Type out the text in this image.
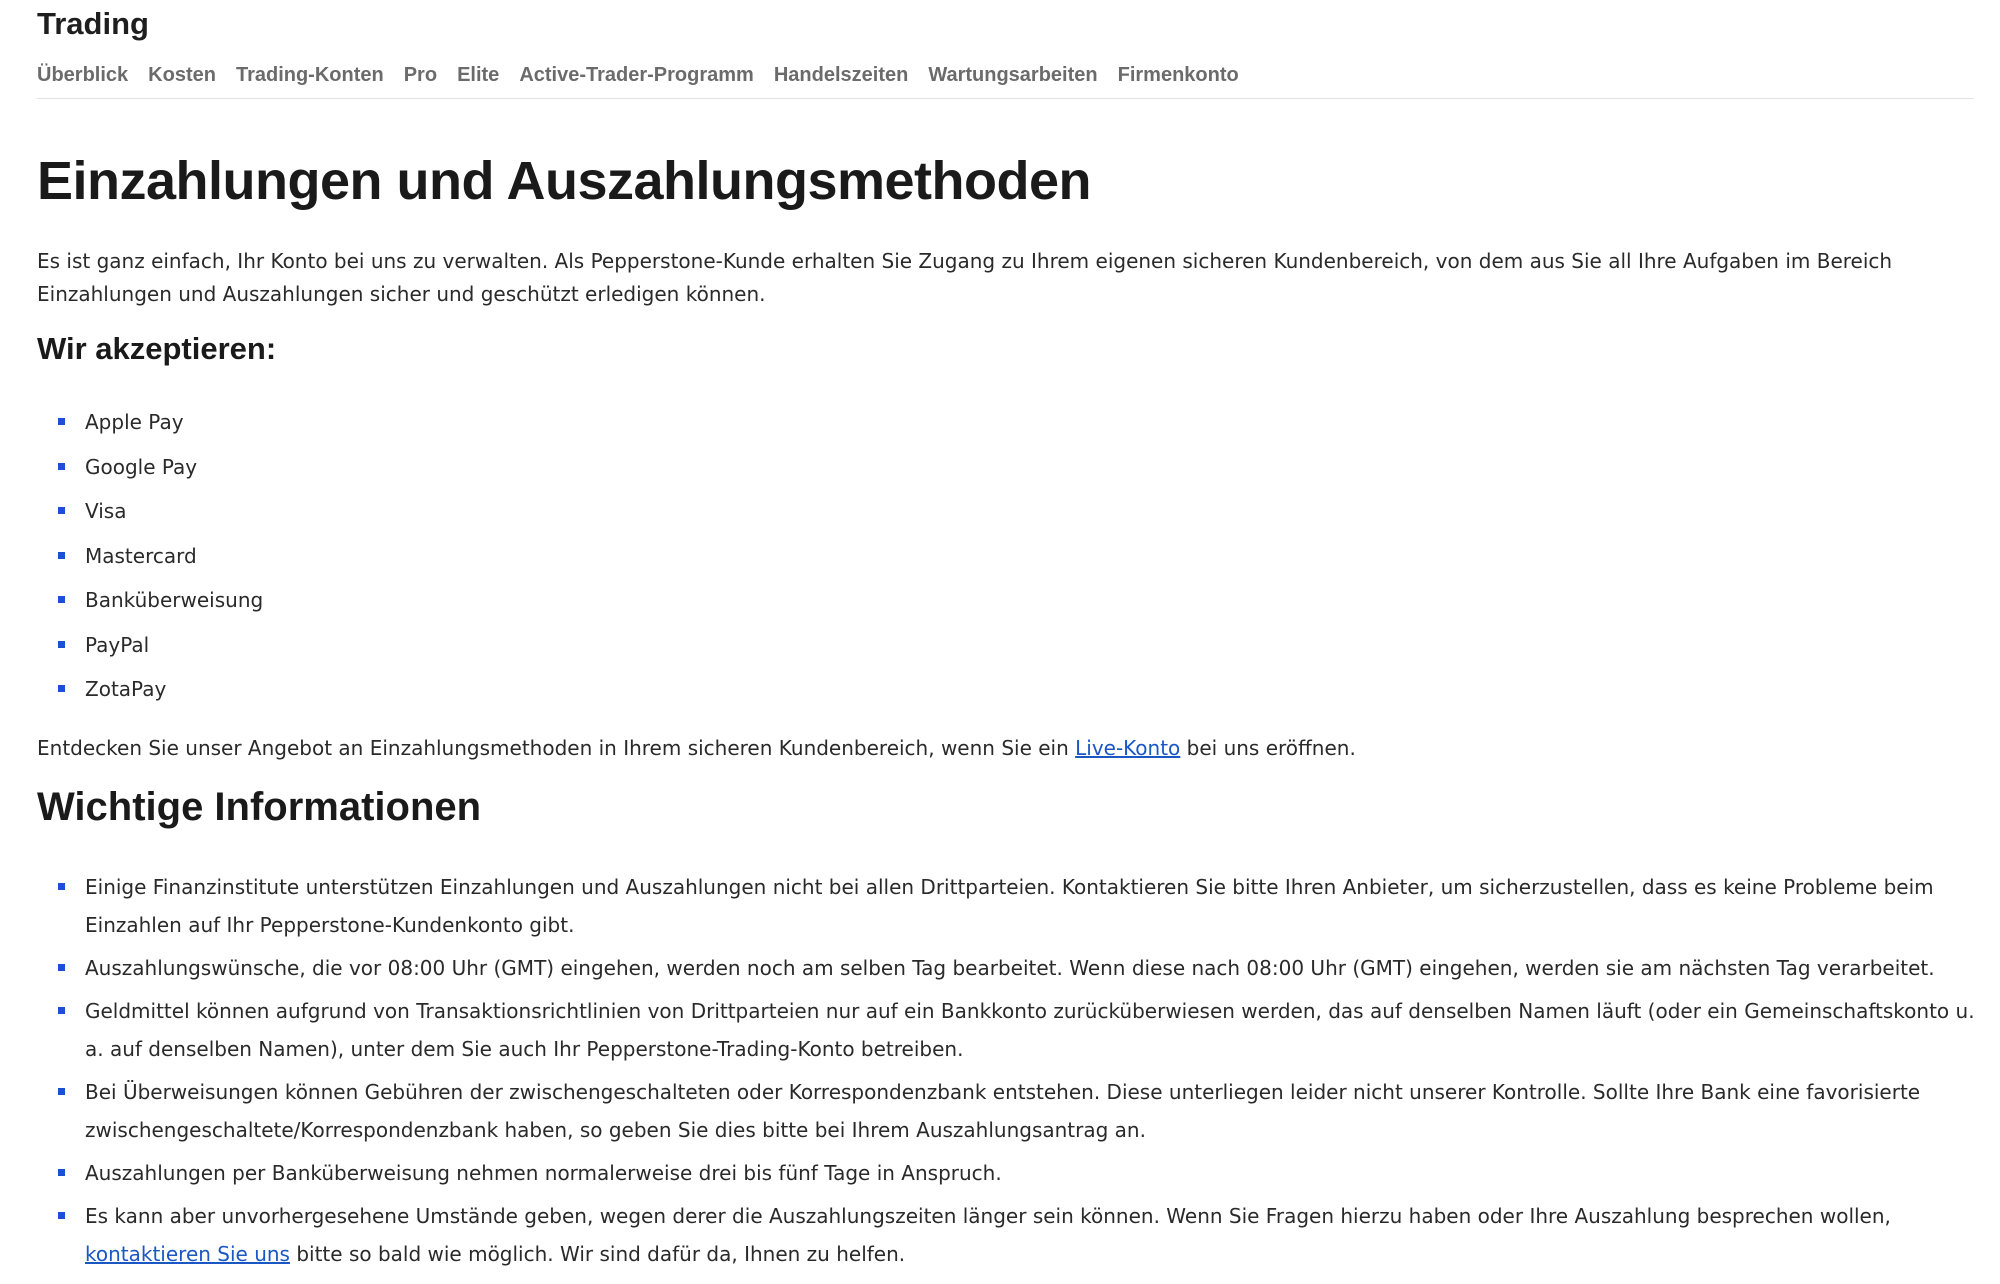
Trading
Überblick Kosten Trading-Konten Pro Elite Active-Trader-Programm Handelszeiten Wartungsarbeiten Firmenkonto
Einzahlungen und Auszahlungsmethoden

Es ist ganz einfach, Ihr Konto bei uns zu verwalten. Als Pepperstone-Kunde erhalten Sie Zugang zu Ihrem eigenen sicheren Kundenbereich, von dem aus Sie all Ihre Aufgaben im Bereich Einzahlungen und Auszahlungen sicher und geschützt erledigen können.

Wir akzeptieren:
Apple Pay
Google Pay
Visa
Mastercard
Banküberweisung
PayPal
ZotaPay

Entdecken Sie unser Angebot an Einzahlungsmethoden in Ihrem sicheren Kundenbereich, wenn Sie ein Live-Konto bei uns eröffnen.

Wichtige Informationen
Einige Finanzinstitute unterstützen Einzahlungen und Auszahlungen nicht bei allen Drittparteien. Kontaktieren Sie bitte Ihren Anbieter, um sicherzustellen, dass es keine Probleme beim Einzahlen auf Ihr Pepperstone-Kundenkonto gibt.
Auszahlungswünsche, die vor 08:00 Uhr (GMT) eingehen, werden noch am selben Tag bearbeitet. Wenn diese nach 08:00 Uhr (GMT) eingehen, werden sie am nächsten Tag verarbeitet.
Geldmittel können aufgrund von Transaktionsrichtlinien von Drittparteien nur auf ein Bankkonto zurücküberwiesen werden, das auf denselben Namen läuft (oder ein Gemeinschaftskonto u. a. auf denselben Namen), unter dem Sie auch Ihr Pepperstone-Trading-Konto betreiben.
Bei Überweisungen können Gebühren der zwischengeschalteten oder Korrespondenzbank entstehen. Diese unterliegen leider nicht unserer Kontrolle. Sollte Ihre Bank eine favorisierte zwischengeschaltete/Korrespondenzbank haben, so geben Sie dies bitte bei Ihrem Auszahlungsantrag an.
Auszahlungen per Banküberweisung nehmen normalerweise drei bis fünf Tage in Anspruch.
Es kann aber unvorhergesehene Umstände geben, wegen derer die Auszahlungszeiten länger sein können. Wenn Sie Fragen hierzu haben oder Ihre Auszahlung besprechen wollen, kontaktieren Sie uns bitte so bald wie möglich. Wir sind dafür da, Ihnen zu helfen.
